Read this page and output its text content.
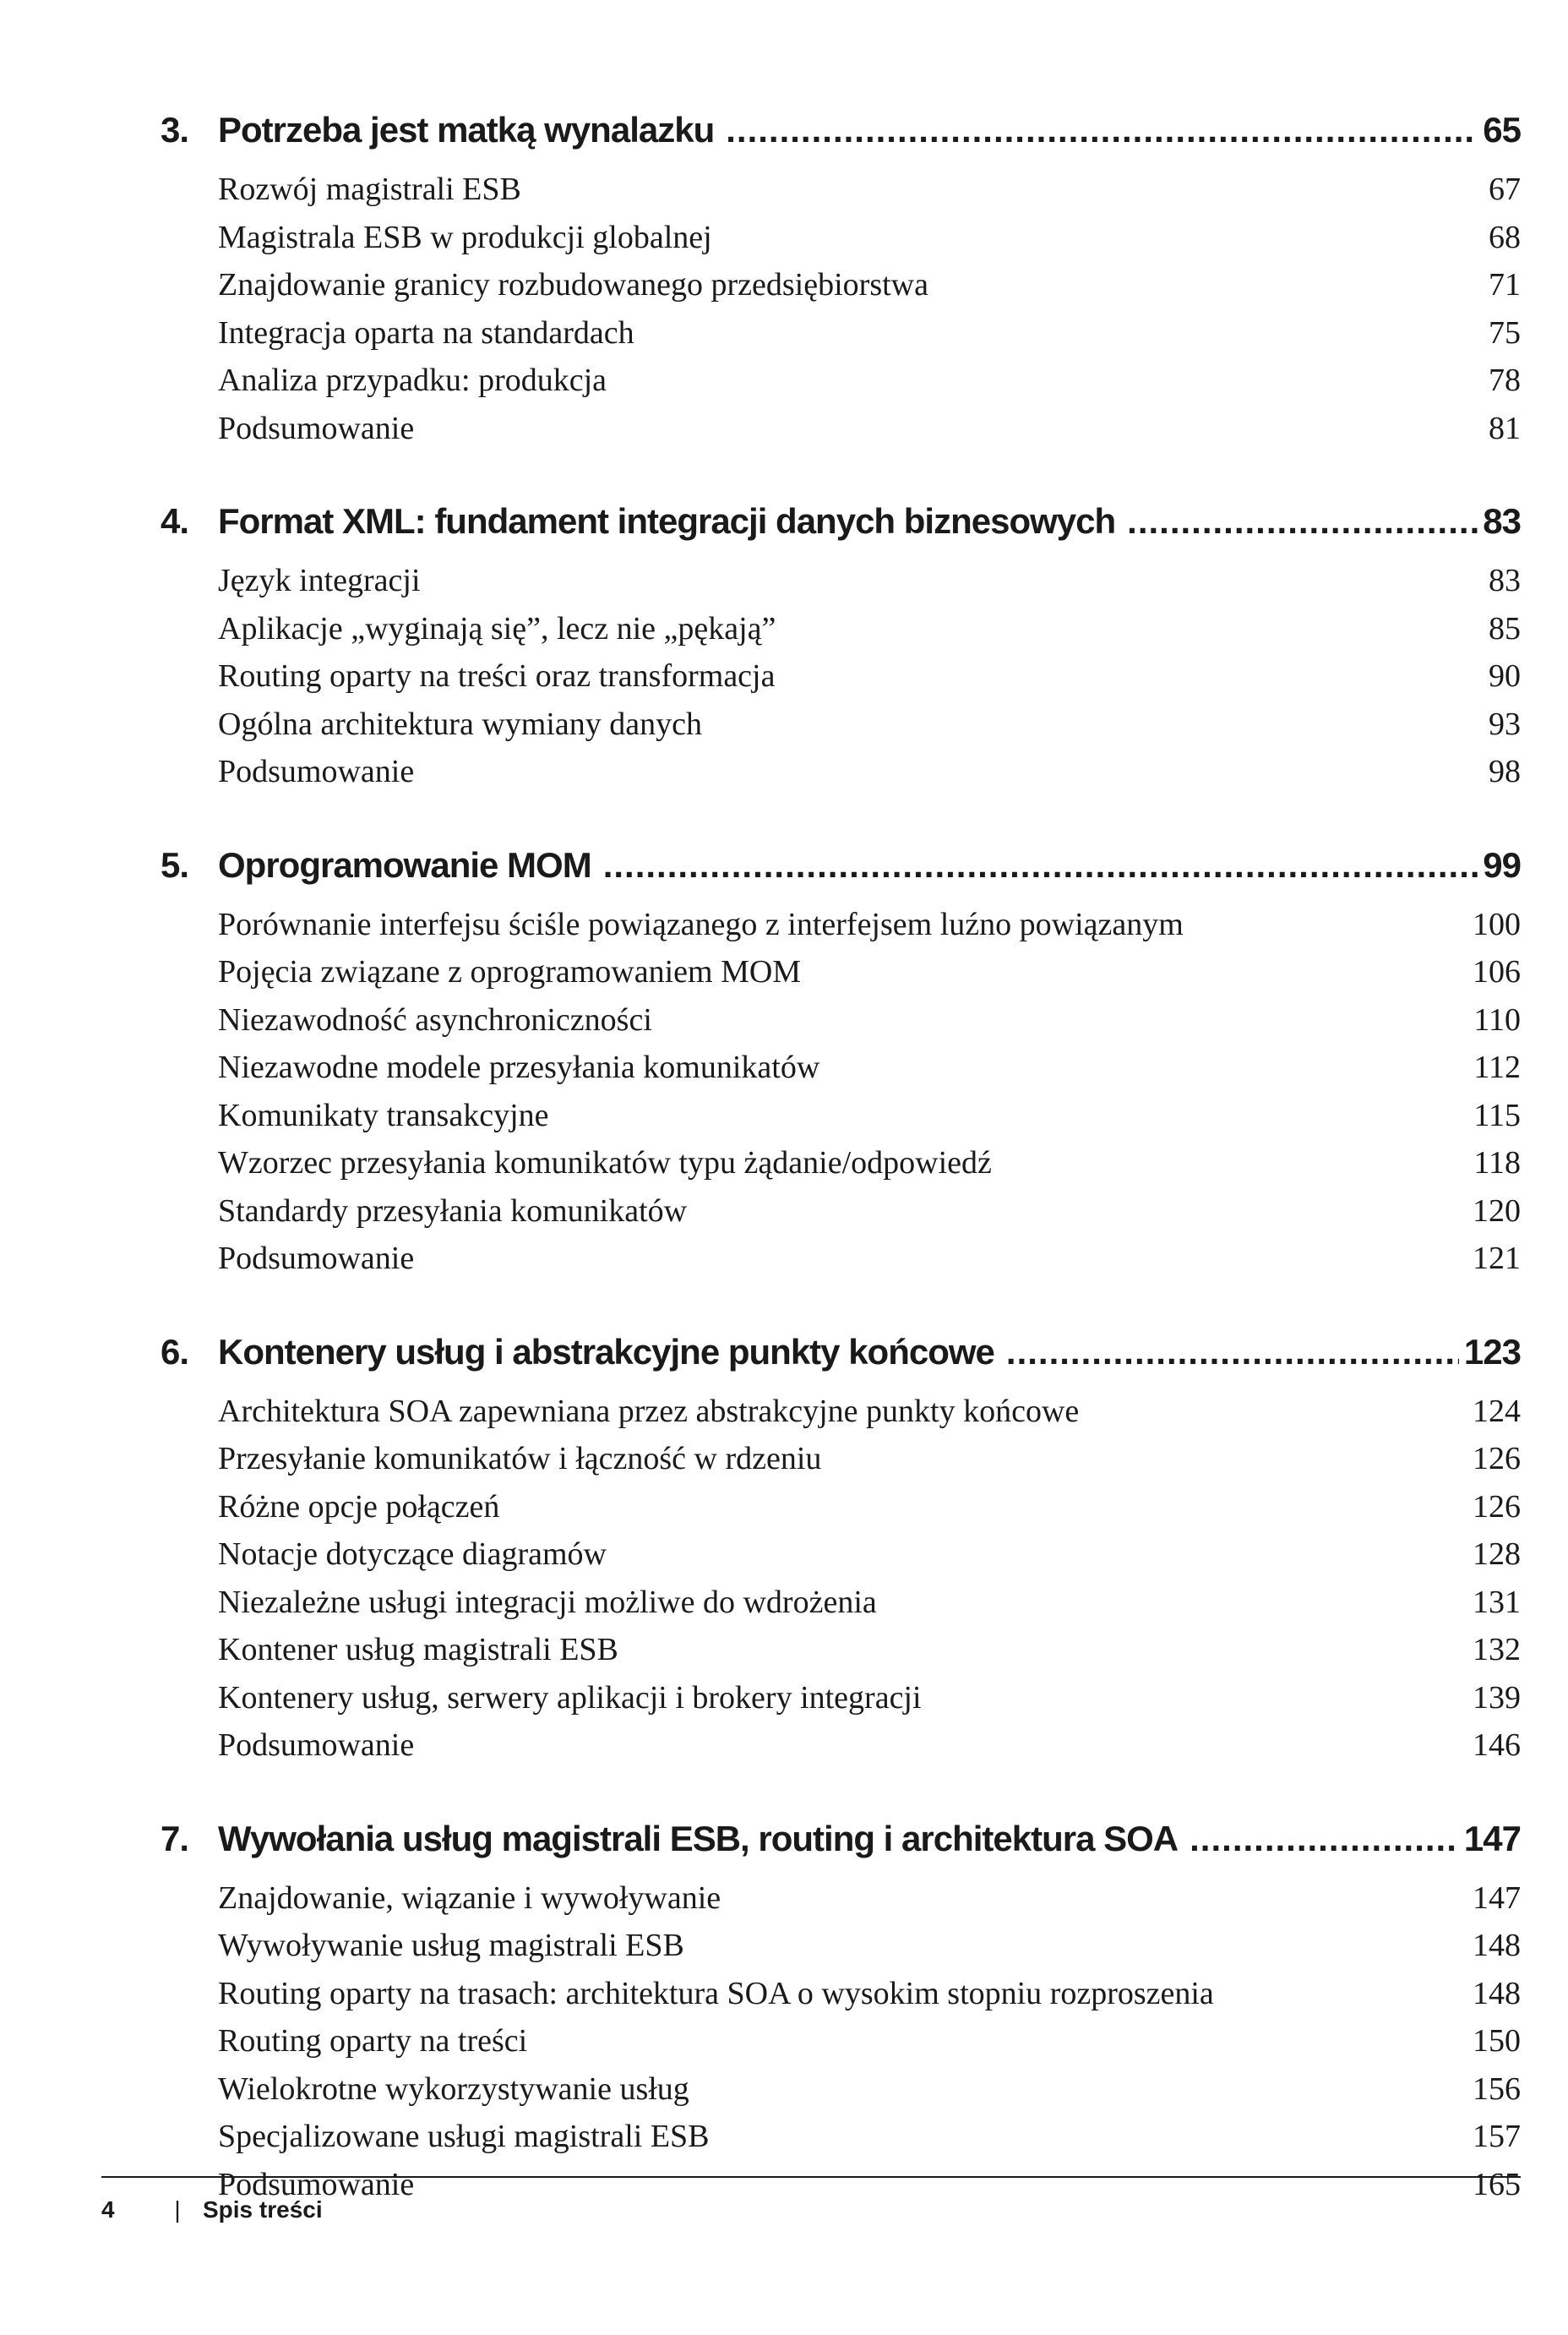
3. Potrzeba jest matką wynalazku .....	65
Rozwój magistrali ESB	67
Magistrala ESB w produkcji globalnej	68
Znajdowanie granicy rozbudowanego przedsiębiorstwa	71
Integracja oparta na standardach	75
Analiza przypadku: produkcja	78
Podsumowanie	81
4. Format XML: fundament integracji danych biznesowych .....	83
Język integracji	83
Aplikacje „wyginają się”, lecz nie „pękają”	85
Routing oparty na treści oraz transformacja	90
Ogólna architektura wymiany danych	93
Podsumowanie	98
5. Oprogramowanie MOM .....	99
Porównanie interfejsu ściśle powiązanego z interfejsem luźno powiązanym	100
Pojęcia związane z oprogramowaniem MOM	106
Niezawodność asynchroniczności	110
Niezawodne modele przesyłania komunikatów	112
Komunikaty transakcyjne	115
Wzorzec przesyłania komunikatów typu żądanie/odpowiedź	118
Standardy przesyłania komunikatów	120
Podsumowanie	121
6. Kontenery usług i abstrakcyjne punkty końcowe .....	123
Architektura SOA zapewniana przez abstrakcyjne punkty końcowe	124
Przesyłanie komunikatów i łączność w rdzeniu	126
Różne opcje połączeń	126
Notacje dotyczące diagramów	128
Niezależne usługi integracji możliwe do wdrożenia	131
Kontener usług magistrali ESB	132
Kontenery usług, serwery aplikacji i brokery integracji	139
Podsumowanie	146
7. Wywołania usług magistrali ESB, routing i architektura SOA .....	147
Znajdowanie, wiązanie i wywoływanie	147
Wywoływanie usług magistrali ESB	148
Routing oparty na trasach: architektura SOA o wysokim stopniu rozproszenia	148
Routing oparty na treści	150
Wielokrotne wykorzystywanie usług	156
Specjalizowane usługi magistrali ESB	157
Podsumowanie	165
4	| Spis treści
